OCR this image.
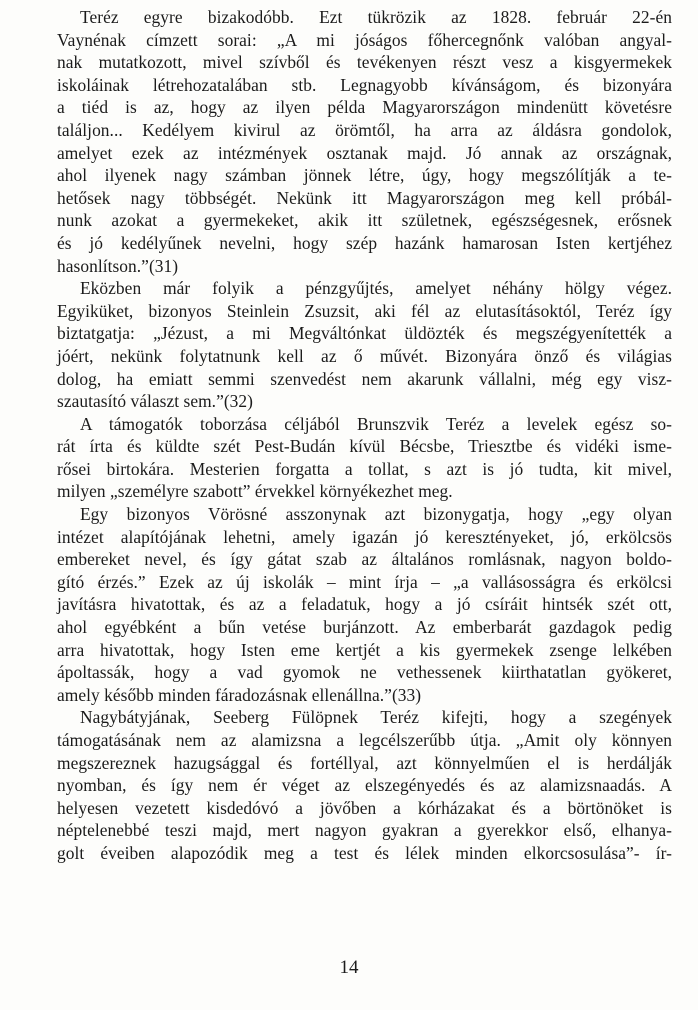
Teréz egyre bizakodóbb. Ezt tükrözik az 1828. február 22-én
Vaynénak címzett sorai: „A mi jóságos főhercegnőnk valóban angyal-
nak mutatkozott, mivel szívből és tevékenyen részt vesz a kisgyermekek
iskoláinak létrehozatalában stb. Legnagyobb kívánságom, és bizonyára
a tiéd is az, hogy az ilyen példa Magyarországon mindenütt követésre
találjon... Kedélyem kivirul az örömtől, ha arra az áldásra gondolok,
amelyet ezek az intézmények osztanak majd. Jó annak az országnak,
ahol ilyenek nagy számban jönnek létre, úgy, hogy megszólítják a te-
hetősek nagy többségét. Nekünk itt Magyarországon meg kell próbál-
nunk azokat a gyermekeket, akik itt születnek, egészségesnek, erősnek
és jó kedélyűnek nevelni, hogy szép hazánk hamarosan Isten kertjéhez
hasonlítson.”(31)
Eközben már folyik a pénzgyűjtés, amelyet néhány hölgy végez.
Egyiküket, bizonyos Steinlein Zsuzsit, aki fél az elutasításoktól, Teréz így
biztatgatja: „Jézust, a mi Megváltónkat üldözték és megszégyenítették a
jóért, nekünk folytatnunk kell az ő művét. Bizonyára önző és világias
dolog, ha emiatt semmi szenvedést nem akarunk vállalni, még egy visz-
szautasító választ sem.”(32)
A támogatók toborzása céljából Brunszvik Teréz a levelek egész so-
rát írta és küldte szét Pest-Budán kívül Bécsbe, Triesztbe és vidéki isme-
rősei birtokára. Mesterien forgatta a tollat, s azt is jó tudta, kit mivel,
milyen „személyre szabott” érvekkel környékezhet meg.
Egy bizonyos Vörösné asszonynak azt bizonygatja, hogy „egy olyan
intézet alapítójának lehetni, amely igazán jó keresztényeket, jó, erkölcsös
embereket nevel, és így gátat szab az általános romlásnak, nagyon boldo-
gító érzés.” Ezek az új iskolák – mint írja – „a vallásosságra és erkölcsi
javításra hivatottak, és az a feladatuk, hogy a jó csíráit hintsék szét ott,
ahol egyébként a bűn vetése burjánzott. Az emberbarát gazdagok pedig
arra hivatottak, hogy Isten eme kertjét a kis gyermekek zsenge lelkében
ápoltassák, hogy a vad gyomok ne vethessenek kiirthatatlan gyökeret,
amely később minden fáradozásnak ellenállna.”(33)
Nagybátyjának, Seeberg Fülöpnek Teréz kifejti, hogy a szegények
támogatásának nem az alamizsna a legcélszerűbb útja. „Amit oly könnyen
megszereznek hazugsággal és fortéllyal, azt könnyelműen el is herdálják
nyomban, és így nem ér véget az elszegényedés és az alamizsnaadás. A
helyesen vezetett kisdedóvó a jövőben a kórházakat és a börtönöket is
néptelenebbé teszi majd, mert nagyon gyakran a gyerekkor első, elhanya-
golt éveiben alapozódik meg a test és lélek minden elkorcsosulása”- ír-
14
